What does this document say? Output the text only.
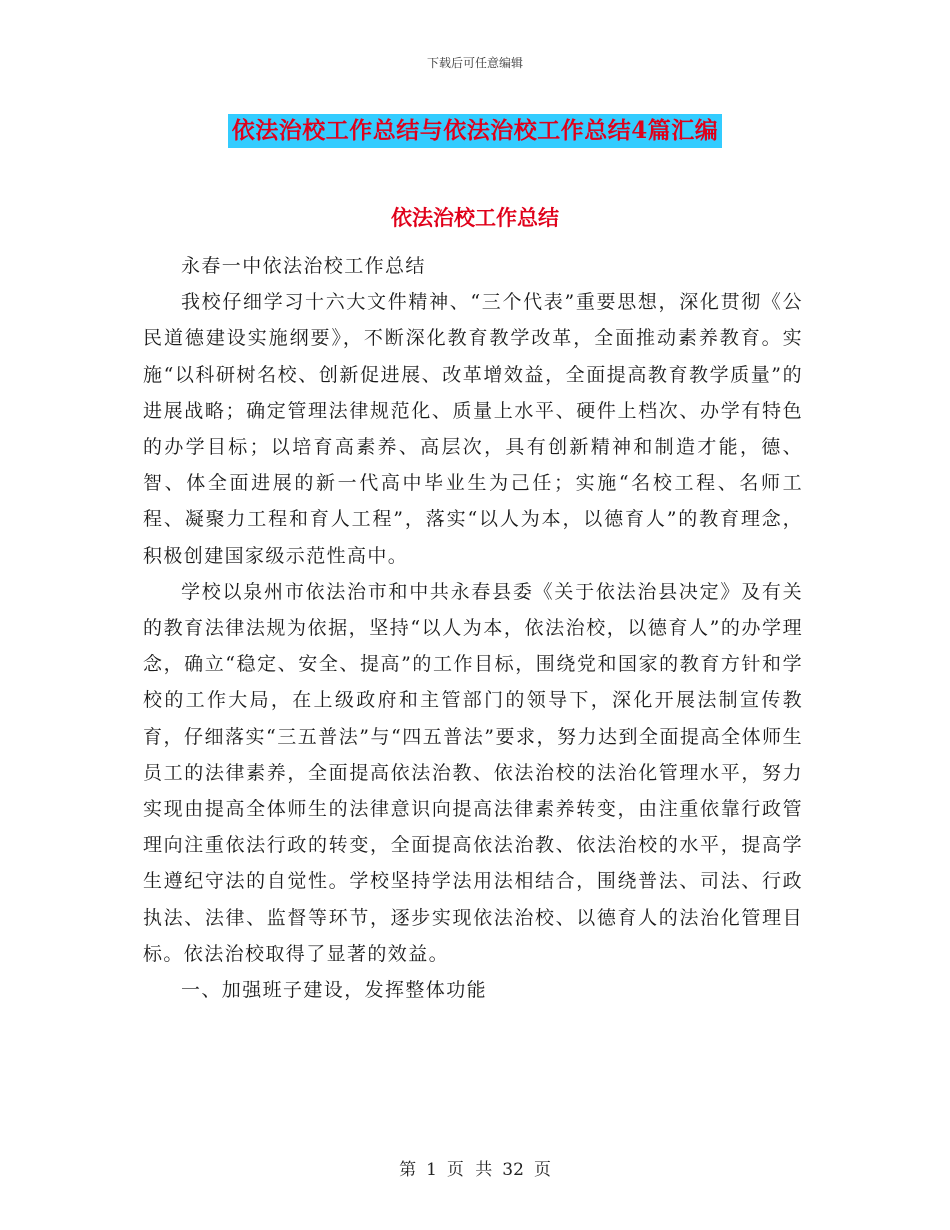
下载后可任意编辑
依法治校工作总结与依法治校工作总结4篇汇编
依法治校工作总结

永春一中依法治校工作总结

我校仔细学习十六大文件精神、“三个代表”重要思想，深化贯彻《公民道德建设实施纲要》，不断深化教育教学改革，全面推动素养教育。实施“以科研树名校、创新促进展、改革增效益，全面提高教育教学质量”的进展战略；确定管理法律规范化、质量上水平、硬件上档次、办学有特色的办学目标；以培育高素养、高层次，具有创新精神和制造才能，德、智、体全面进展的新一代高中毕业生为己任；实施“名校工程、名师工程、凝聚力工程和育人工程”，落实“以人为本，以德育人”的教育理念，积极创建国家级示范性高中。

学校以泉州市依法治市和中共永春县委《关于依法治县决定》及有关的教育法律法规为依据，坚持“以人为本，依法治校，以德育人”的办学理念，确立“稳定、安全、提高”的工作目标，围绕党和国家的教育方针和学校的工作大局，在上级政府和主管部门的领导下，深化开展法制宣传教育，仔细落实“三五普法”与“四五普法”要求，努力达到全面提高全体师生员工的法律素养，全面提高依法治教、依法治校的法治化管理水平，努力实现由提高全体师生的法律意识向提高法律素养转变，由注重依靠行政管理向注重依法行政的转变，全面提高依法治教、依法治校的水平，提高学生遵纪守法的自觉性。学校坚持学法用法相结合，围绕普法、司法、行政执法、法律、监督等环节，逐步实现依法治校、以德育人的法治化管理目标。依法治校取得了显著的效益。

一、加强班子建设，发挥整体功能

第 1 页 共 32 页
